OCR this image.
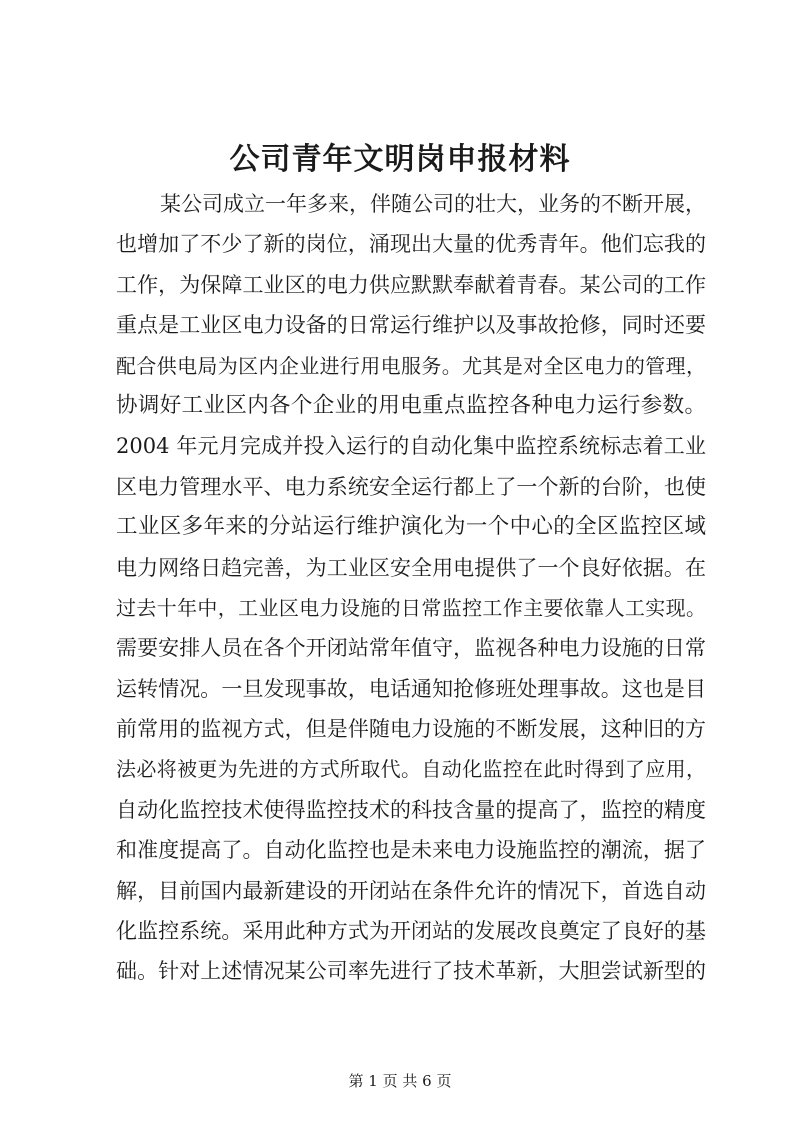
公司青年文明岗申报材料
某公司成立一年多来，伴随公司的壮大，业务的不断开展，
也增加了不少了新的岗位，涌现出大量的优秀青年。他们忘我的
工作，为保障工业区的电力供应默默奉献着青春。某公司的工作
重点是工业区电力设备的日常运行维护以及事故抢修，同时还要
配合供电局为区内企业进行用电服务。尤其是对全区电力的管理，
协调好工业区内各个企业的用电重点监控各种电力运行参数。
2004 年元月完成并投入运行的自动化集中监控系统标志着工业
区电力管理水平、电力系统安全运行都上了一个新的台阶，也使
工业区多年来的分站运行维护演化为一个中心的全区监控区域
电力网络日趋完善，为工业区安全用电提供了一个良好依据。在
过去十年中，工业区电力设施的日常监控工作主要依靠人工实现。
需要安排人员在各个开闭站常年值守，监视各种电力设施的日常
运转情况。一旦发现事故，电话通知抢修班处理事故。这也是目
前常用的监视方式，但是伴随电力设施的不断发展，这种旧的方
法必将被更为先进的方式所取代。自动化监控在此时得到了应用，
自动化监控技术使得监控技术的科技含量的提高了，监控的精度
和准度提高了。自动化监控也是未来电力设施监控的潮流，据了
解，目前国内最新建设的开闭站在条件允许的情况下，首选自动
化监控系统。采用此种方式为开闭站的发展改良奠定了良好的基
础。针对上述情况某公司率先进行了技术革新，大胆尝试新型的
第 1 页 共 6 页
